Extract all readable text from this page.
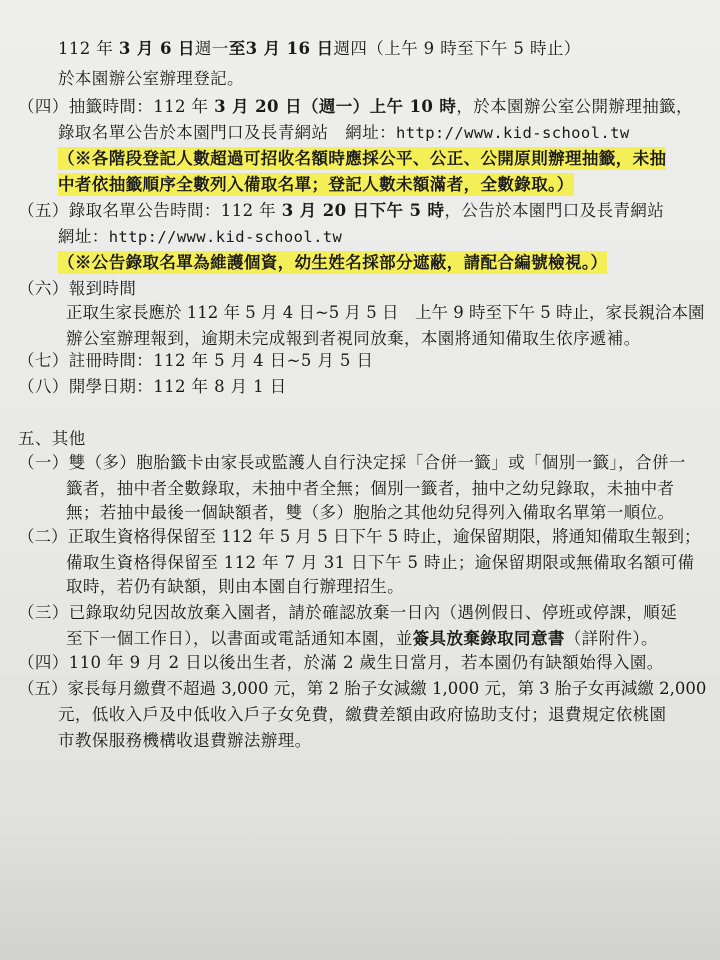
112 年 3 月 6 日週一至3 月 16 日週四（上午 9 時至下午 5 時止）
於本園辦公室辦理登記。
（四）抽籤時間：112 年 3 月 20 日（週一）上午 10 時，於本園辦公室公開辦理抽籤，
錄取名單公告於本園門口及長青網站　網址：http://www.kid-school.tw
（※各階段登記人數超過可招收名額時應採公平、公正、公開原則辦理抽籤，未抽
中者依抽籤順序全數列入備取名單；登記人數未額滿者，全數錄取。）
（五）錄取名單公告時間：112 年 3 月 20 日下午 5 時，公告於本園門口及長青網站
網址：http://www.kid-school.tw
（※公告錄取名單為維護個資，幼生姓名採部分遮蔽，請配合編號檢視。）
（六）報到時間
正取生家長應於 112 年 5 月 4 日~5 月 5 日　上午 9 時至下午 5 時止，家長親洽本園
辦公室辦理報到，逾期未完成報到者視同放棄，本園將通知備取生依序遞補。
（七）註冊時間：112 年 5 月 4 日~5 月 5 日
（八）開學日期：112 年 8 月 1 日
五、其他
（一）雙（多）胞胎籤卡由家長或監護人自行決定採「合併一籤」或「個別一籤」，合併一
籤者，抽中者全數錄取，未抽中者全無；個別一籤者，抽中之幼兒錄取，未抽中者
無；若抽中最後一個缺額者，雙（多）胞胎之其他幼兒得列入備取名單第一順位。
（二）正取生資格得保留至 112 年 5 月 5 日下午 5 時止，逾保留期限，將通知備取生報到；
備取生資格得保留至 112 年 7 月 31 日下午 5 時止；逾保留期限或無備取名額可備
取時，若仍有缺額，則由本園自行辦理招生。
（三）已錄取幼兒因故放棄入園者，請於確認放棄一日內（遇例假日、停班或停課，順延
至下一個工作日），以書面或電話通知本園，並簽具放棄錄取同意書（詳附件）。
（四）110 年 9 月 2 日以後出生者，於滿 2 歲生日當月，若本園仍有缺額始得入園。
（五）家長每月繳費不超過 3,000 元，第 2 胎子女減繳 1,000 元，第 3 胎子女再減繳 2,000
元，低收入戶及中低收入戶子女免費，繳費差額由政府協助支付；退費規定依桃園
市教保服務機構收退費辦法辦理。
